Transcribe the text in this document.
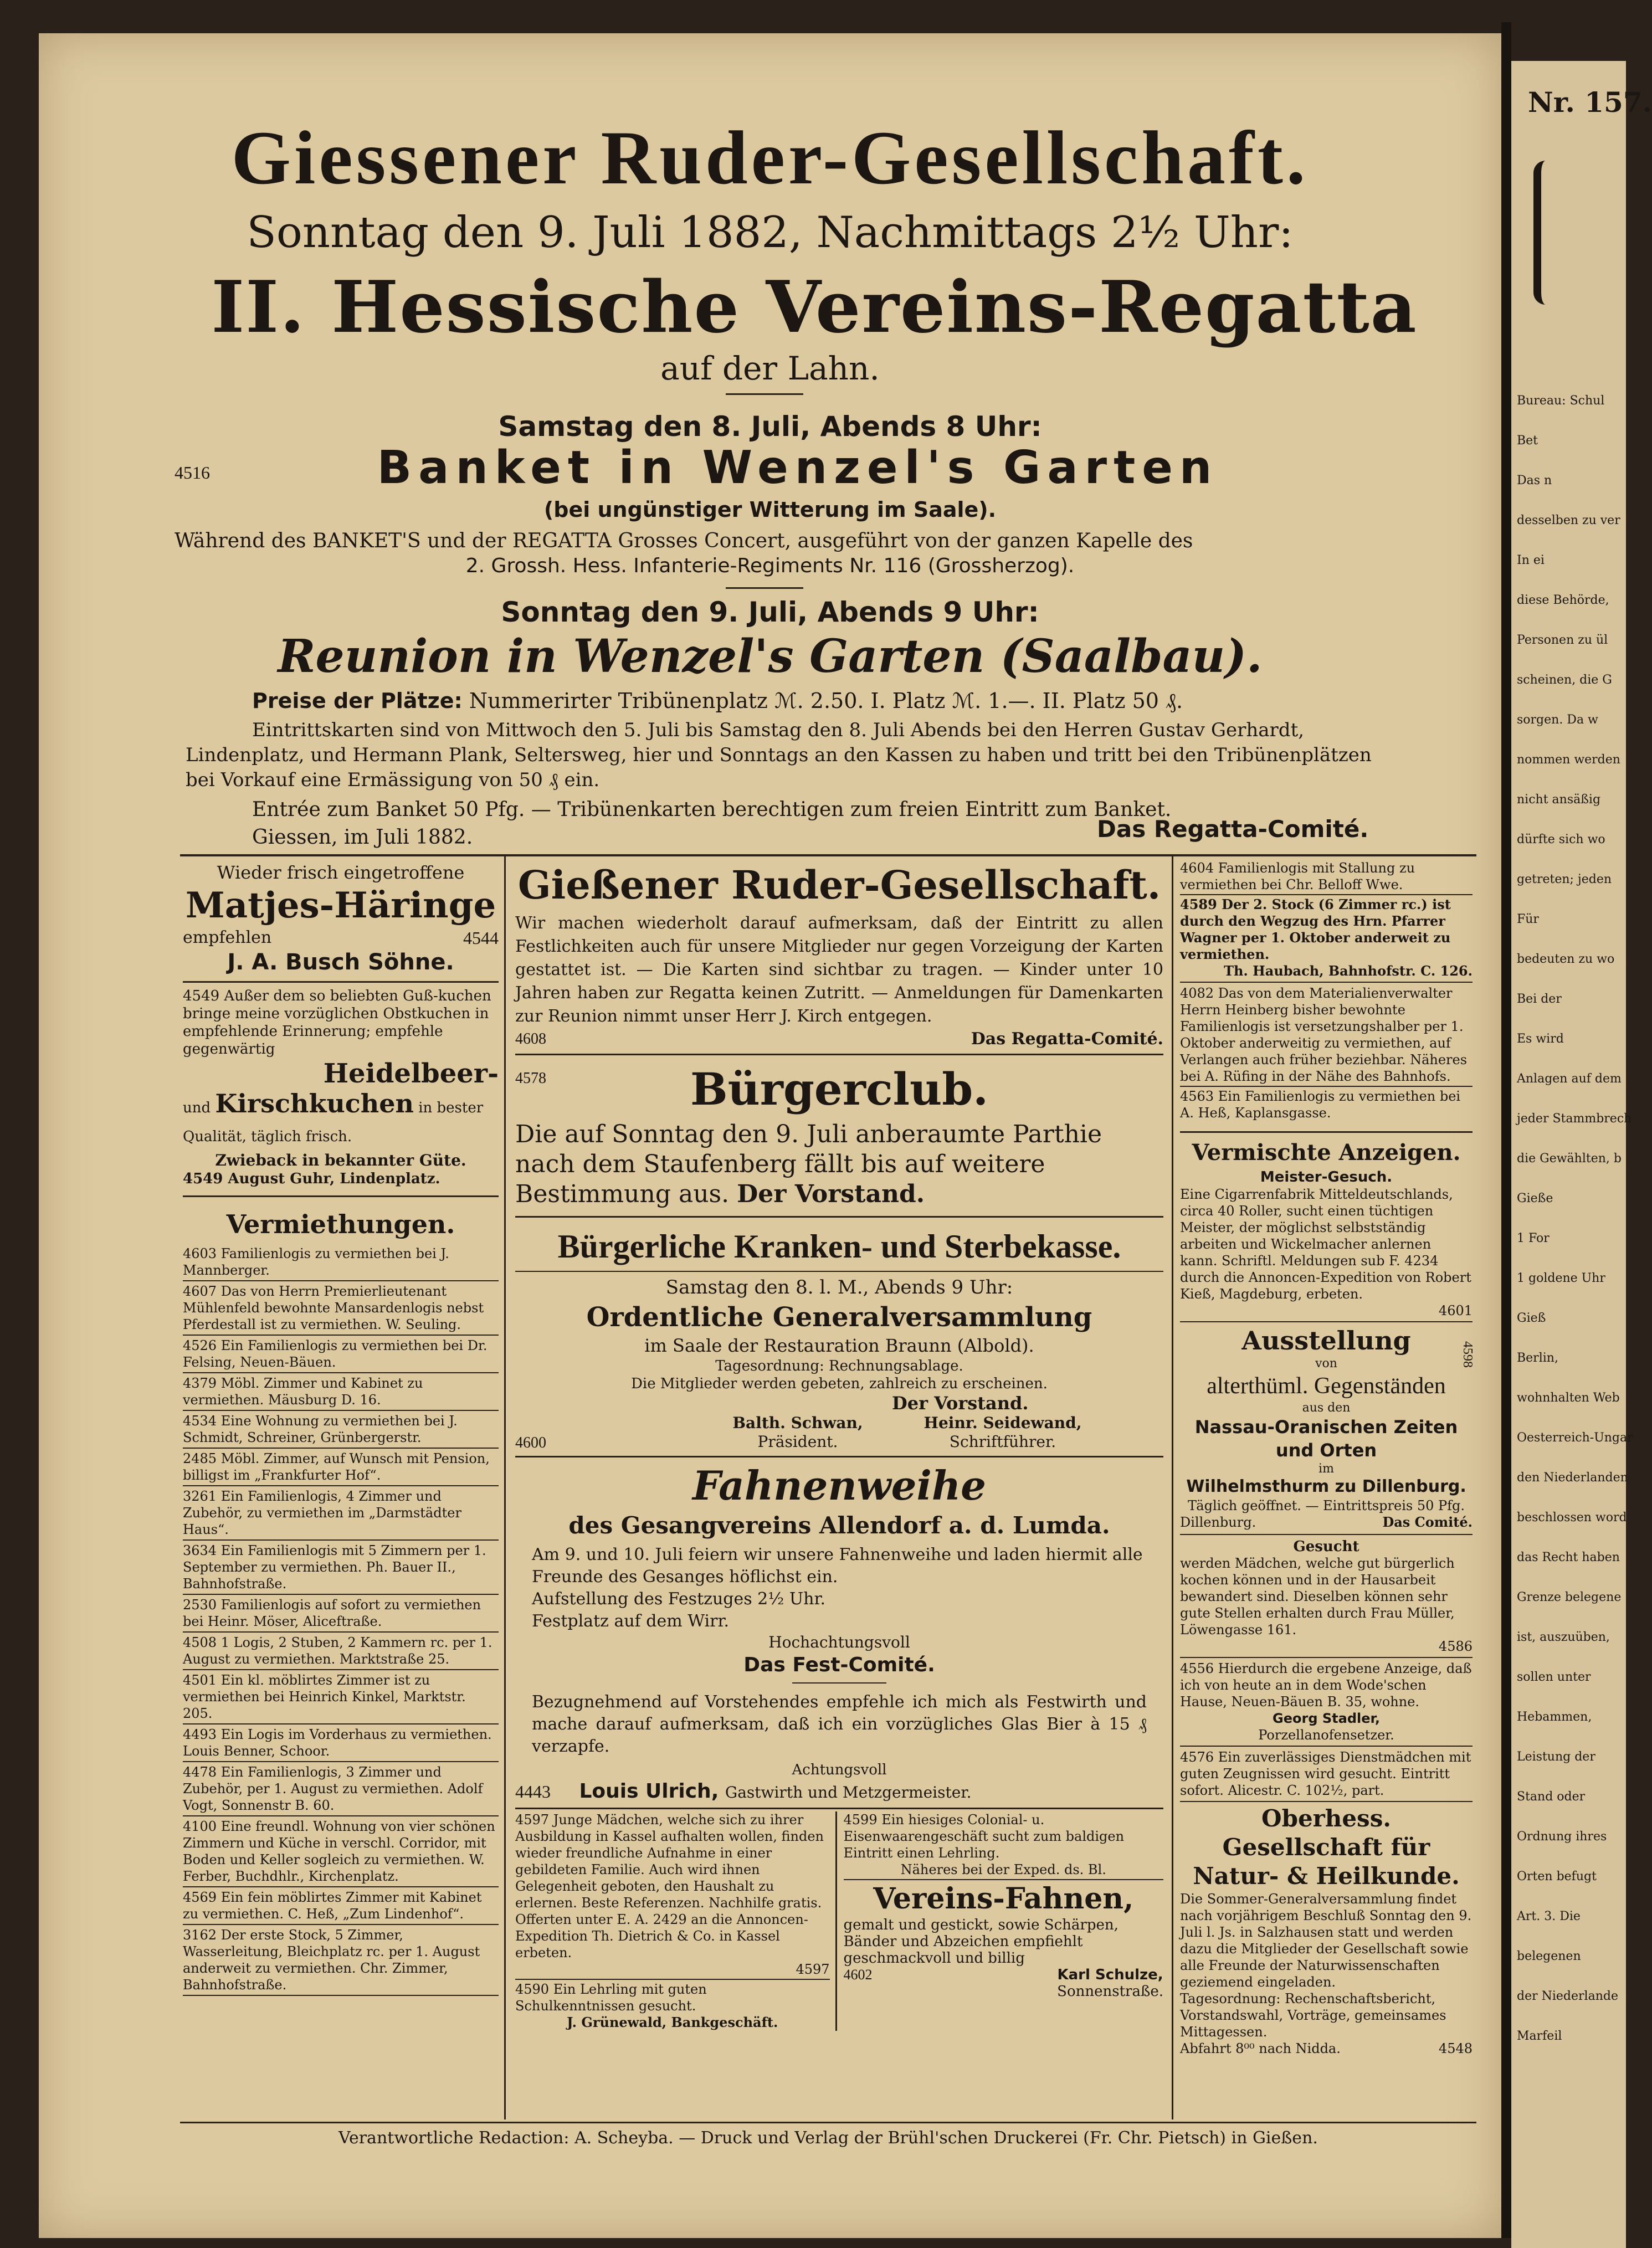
Giessener Ruder-Gesellschaft.
Sonntag den 9. Juli 1882, Nachmittags 2½ Uhr:
II. Hessische Vereins-Regatta
auf der Lahn.
Samstag den 8. Juli, Abends 8 Uhr:
4516	Banket in Wenzel's Garten
(bei ungünstiger Witterung im Saale).
Während des BANKET'S und der REGATTA Grosses Concert, ausgeführt von der ganzen Kapelle des
2. Grossh. Hess. Infanterie-Regiments Nr. 116 (Grossherzog).
Sonntag den 9. Juli, Abends 9 Uhr:
Reunion in Wenzel's Garten (Saalbau).
Preise der Plätze: Nummerirter Tribünenplatz ℳ. 2.50. I. Platz ℳ. 1.—. II. Platz 50 ₰.
Eintrittskarten sind von Mittwoch den 5. Juli bis Samstag den 8. Juli Abends bei den Herren Gustav Gerhardt,
Lindenplatz, und Hermann Plank, Seltersweg, hier und Sonntags an den Kassen zu haben und tritt bei den Tribünenplätzen
bei Vorkauf eine Ermässigung von 50 ₰ ein.
Entrée zum Banket 50 Pfg. — Tribünenkarten berechtigen zum freien Eintritt zum Banket.
Giessen, im Juli 1882.	Das Regatta-Comité.
Wieder frisch eingetroffene
Matjes-Häringe
empfehlen	4544
J. A. Busch Söhne.
4549 Außer dem so beliebten Guß-kuchen bringe meine vorzüglichen Obstkuchen in empfehlende Erinnerung; empfehle gegenwärtig
Heidelbeer-
und Kirschkuchen in bester Qualität, täglich frisch.
Zwieback in bekannter Güte.
4549 August Guhr, Lindenplatz.
Vermiethungen.
4603 Familienlogis zu vermiethen bei J. Mannberger.
4607 Das von Herrn Premierlieutenant Mühlenfeld bewohnte Mansardenlogis nebst Pferdestall ist zu vermiethen. W. Seuling.
4526 Ein Familienlogis zu vermiethen bei Dr. Felsing, Neuen-Bäuen.
4379 Möbl. Zimmer und Kabinet zu vermiethen. Mäusburg D. 16.
4534 Eine Wohnung zu vermiethen bei J. Schmidt, Schreiner, Grünbergerstr.
2485 Möbl. Zimmer, auf Wunsch mit Pension, billigst im „Frankfurter Hof“.
3261 Ein Familienlogis, 4 Zimmer und Zubehör, zu vermiethen im „Darmstädter Haus“.
3634 Ein Familienlogis mit 5 Zimmern per 1. September zu vermiethen. Ph. Bauer II., Bahnhofstraße.
2530 Familienlogis auf sofort zu vermiethen bei Heinr. Möser, Aliceftraße.
4508 1 Logis, 2 Stuben, 2 Kammern rc. per 1. August zu vermiethen. Marktstraße 25.
4501 Ein kl. möblirtes Zimmer ist zu vermiethen bei Heinrich Kinkel, Marktstr. 205.
4493 Ein Logis im Vorderhaus zu vermiethen. Louis Benner, Schoor.
4478 Ein Familienlogis, 3 Zimmer und Zubehör, per 1. August zu vermiethen. Adolf Vogt, Sonnenstr B. 60.
4100 Eine freundl. Wohnung von vier schönen Zimmern und Küche in verschl. Corridor, mit Boden und Keller sogleich zu vermiethen. W. Ferber, Buchdhlr., Kirchenplatz.
4569 Ein fein möblirtes Zimmer mit Kabinet zu vermiethen. C. Heß, „Zum Lindenhof“.
3162 Der erste Stock, 5 Zimmer, Wasserleitung, Bleichplatz rc. per 1. August anderweit zu vermiethen. Chr. Zimmer, Bahnhofstraße.
Gießener Ruder-Gesellschaft.
Wir machen wiederholt darauf aufmerksam, daß der Eintritt zu allen Festlichkeiten auch für unsere Mitglieder nur gegen Vorzeigung der Karten gestattet ist. — Die Karten sind sichtbar zu tragen. — Kinder unter 10 Jahren haben zur Regatta keinen Zutritt. — Anmeldungen für Damenkarten zur Reunion nimmt unser Herr J. Kirch entgegen.
4608	Das Regatta-Comité.
4578	Bürgerclub.
Die auf Sonntag den 9. Juli anberaumte Parthie nach dem Staufenberg fällt bis auf weitere Bestimmung aus. Der Vorstand.
Bürgerliche Kranken- und Sterbekasse.
Samstag den 8. l. M., Abends 9 Uhr:
Ordentliche Generalversammlung
im Saale der Restauration Braunn (Albold).
Tagesordnung: Rechnungsablage.
Die Mitglieder werden gebeten, zahlreich zu erscheinen.
Der Vorstand.
4600
Balth. Schwan,
Präsident.
Heinr. Seidewand,
Schriftführer.
Fahnenweihe
des Gesangvereins Allendorf a. d. Lumda.
Am 9. und 10. Juli feiern wir unsere Fahnenweihe und laden hiermit alle Freunde des Gesanges höflichst ein.
Aufstellung des Festzuges 2½ Uhr.
Festplatz auf dem Wirr.
Hochachtungsvoll
Das Fest-Comité.
Bezugnehmend auf Vorstehendes empfehle ich mich als Festwirth und mache darauf aufmerksam, daß ich ein vorzügliches Glas Bier à 15 ₰ verzapfe.
Achtungsvoll
4443 Louis Ulrich, Gastwirth und Metzgermeister.
4597 Junge Mädchen, welche sich zu ihrer Ausbildung in Kassel aufhalten wollen, finden wieder freundliche Aufnahme in einer gebildeten Familie. Auch wird ihnen Gelegenheit geboten, den Haushalt zu erlernen. Beste Referenzen. Nachhilfe gratis. Offerten unter E. A. 2429 an die Annoncen-Expedition Th. Dietrich & Co. in Kassel erbeten.
4597
4590 Ein Lehrling mit guten Schulkenntnissen gesucht.
J. Grünewald, Bankgeschäft.
4599 Ein hiesiges Colonial- u. Eisenwaarengeschäft sucht zum baldigen Eintritt einen Lehrling.
Näheres bei der Exped. ds. Bl.
Vereins-Fahnen,
gemalt und gestickt, sowie Schärpen, Bänder und Abzeichen empfiehlt geschmackvoll und billig
4602	Karl Schulze,
Sonnenstraße.
4604 Familienlogis mit Stallung zu vermiethen bei Chr. Belloff Wwe.
4589 Der 2. Stock (6 Zimmer rc.) ist durch den Wegzug des Hrn. Pfarrer Wagner per 1. Oktober anderweit zu vermiethen.
Th. Haubach, Bahnhofstr. C. 126.
4082 Das von dem Materialienverwalter Herrn Heinberg bisher bewohnte Familienlogis ist versetzungshalber per 1. Oktober anderweitig zu vermiethen, auf Verlangen auch früher beziehbar. Näheres bei A. Rüfing in der Nähe des Bahnhofs.
4563 Ein Familienlogis zu vermiethen bei A. Heß, Kaplansgasse.
Vermischte Anzeigen.
Meister-Gesuch.
Eine Cigarrenfabrik Mitteldeutschlands, circa 40 Roller, sucht einen tüchtigen Meister, der möglichst selbstständig arbeiten und Wickelmacher anlernen kann. Schriftl. Meldungen sub F. 4234 durch die Annoncen-Expedition von Robert Kieß, Magdeburg, erbeten.
4601
4598
Ausstellung
von
alterthüml. Gegenständen
aus den
Nassau-Oranischen Zeiten und Orten
im
Wilhelmsthurm zu Dillenburg.
Täglich geöffnet. — Eintrittspreis 50 Pfg.
Dillenburg.	Das Comité.
Gesucht
werden Mädchen, welche gut bürgerlich kochen können und in der Hausarbeit bewandert sind. Dieselben können sehr gute Stellen erhalten durch Frau Müller, Löwengasse 161.
4586
4556 Hierdurch die ergebene Anzeige, daß ich von heute an in dem Wode'schen Hause, Neuen-Bäuen B. 35, wohne.
Georg Stadler,
Porzellanofensetzer.
4576 Ein zuverlässiges Dienstmädchen mit guten Zeugnissen wird gesucht. Eintritt sofort. Alicestr. C. 102½, part.
Oberhess. Gesellschaft für Natur- & Heilkunde.
Die Sommer-Generalversammlung findet nach vorjährigem Beschluß Sonntag den 9. Juli l. Js. in Salzhausen statt und werden dazu die Mitglieder der Gesellschaft sowie alle Freunde der Naturwissenschaften geziemend eingeladen.
Tagesordnung: Rechenschaftsbericht, Vorstandswahl, Vorträge, gemeinsames Mittagessen.
Abfahrt 8⁰⁰ nach Nidda.	4548
Verantwortliche Redaction: A. Scheyba. — Druck und Verlag der Brühl'schen Druckerei (Fr. Chr. Pietsch) in Gießen.
Nr. 157.
Bureau: Schul
Bet
Das n
desselben zu ver
In ei
diese Behörde,
Personen zu ül
scheinen, die G
sorgen. Da w
nommen werden
nicht ansäßig
dürfte sich wo
getreten; jeden
Für
bedeuten zu wo
Bei der
Es wird
Anlagen auf dem
jeder Stammbrech
die Gewählten, b
Gieße
1 For
1 goldene Uhr
Gieß
Berlin,
wohnhalten Web
Oesterreich-Ungar
den Niederlanden
beschlossen word
das Recht haben
Grenze belegene
ist, auszuüben,
sollen unter
Hebammen,
Leistung der
Stand oder
Ordnung ihres
Orten befugt
Art. 3. Die
belegenen
der Niederlande
Marfeil
